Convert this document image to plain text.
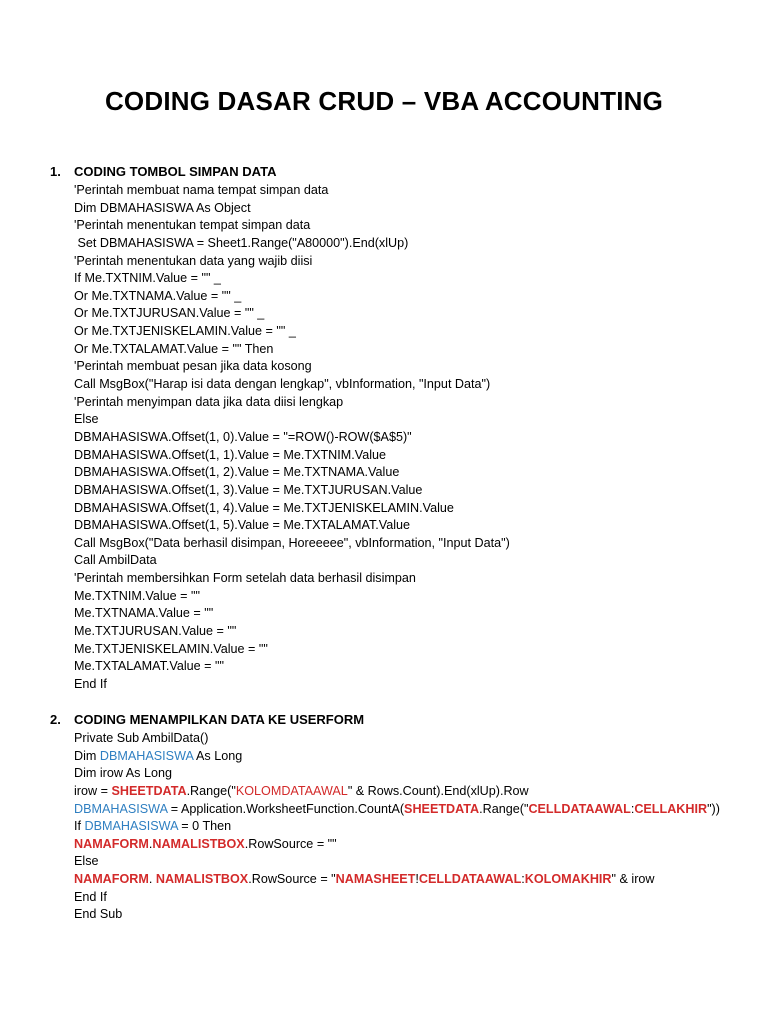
CODING DASAR CRUD – VBA ACCOUNTING
1. CODING TOMBOL SIMPAN DATA
'Perintah membuat nama tempat simpan data
Dim DBMAHASISWA As Object
'Perintah menentukan tempat simpan data
Set DBMAHASISWA = Sheet1.Range("A80000").End(xlUp)
'Perintah menentukan data yang wajib diisi
If Me.TXTNIM.Value = "" _
Or Me.TXTNAMA.Value = "" _
Or Me.TXTJURUSAN.Value = "" _
Or Me.TXTJENISKELAMIN.Value = "" _
Or Me.TXTALAMAT.Value = "" Then
'Perintah membuat pesan jika data kosong
Call MsgBox("Harap isi data dengan lengkap", vbInformation, "Input Data")
'Perintah menyimpan data jika data diisi lengkap
Else
DBMAHASISWA.Offset(1, 0).Value = "=ROW()-ROW($A$5)"
DBMAHASISWA.Offset(1, 1).Value = Me.TXTNIM.Value
DBMAHASISWA.Offset(1, 2).Value = Me.TXTNAMA.Value
DBMAHASISWA.Offset(1, 3).Value = Me.TXTJURUSAN.Value
DBMAHASISWA.Offset(1, 4).Value = Me.TXTJENISKELAMIN.Value
DBMAHASISWA.Offset(1, 5).Value = Me.TXTALAMAT.Value
Call MsgBox("Data berhasil disimpan, Horeeeee", vbInformation, "Input Data")
Call AmbilData
'Perintah membersihkan Form setelah data berhasil disimpan
Me.TXTNIM.Value = ""
Me.TXTNAMA.Value = ""
Me.TXTJURUSAN.Value = ""
Me.TXTJENISKELAMIN.Value = ""
Me.TXTALAMAT.Value = ""
End If
2. CODING MENAMPILKAN DATA KE USERFORM
Private Sub AmbilData()
Dim DBMAHASISWA As Long
Dim irow As Long
irow = SHEETDATA.Range("KOLOMDATAAWAL" & Rows.Count).End(xlUp).Row
DBMAHASISWA = Application.WorksheetFunction.CountA(SHEETDATA.Range("CELLDATAAWAL:CELLAKHIR"))
If DBMAHASISWA = 0 Then
NAMAFORM.NAMALISTBOX.RowSource = ""
Else
NAMAFORM. NAMALISTBOX.RowSource = "NAMASHEET!CELLDATAAWAL:KOLOMAKHIR" & irow
End If
End Sub
